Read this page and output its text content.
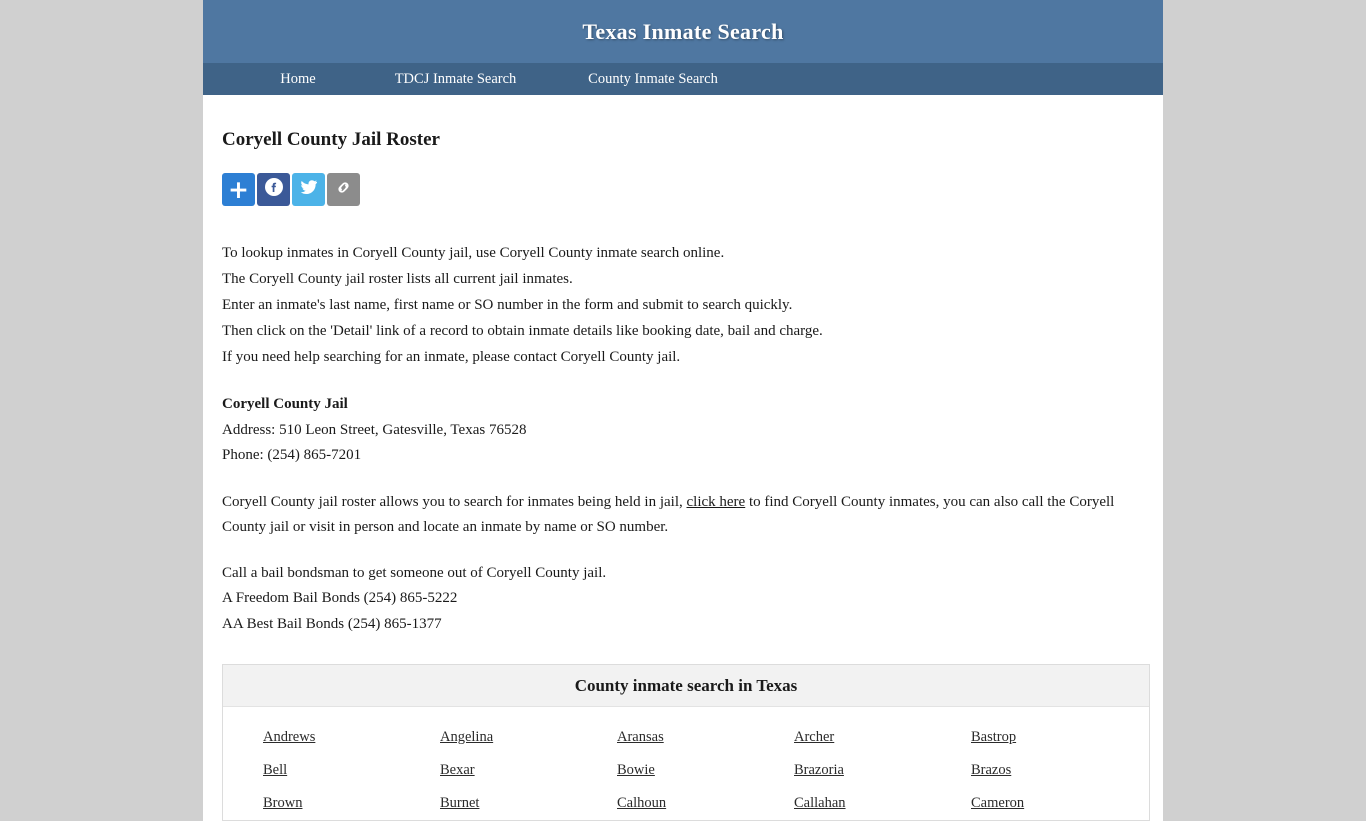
Texas Inmate Search
Home	TDCJ Inmate Search	County Inmate Search
Coryell County Jail Roster
+
To lookup inmates in Coryell County jail, use Coryell County inmate search online.
The Coryell County jail roster lists all current jail inmates.
Enter an inmate's last name, first name or SO number in the form and submit to search quickly.
Then click on the 'Detail' link of a record to obtain inmate details like booking date, bail and charge.
If you need help searching for an inmate, please contact Coryell County jail.
Coryell County Jail
Address: 510 Leon Street, Gatesville, Texas 76528
Phone: (254) 865-7201
Coryell County jail roster allows you to search for inmates being held in jail, click here to find Coryell County inmates, you can also call the Coryell County jail or visit in person and locate an inmate by name or SO number.
Call a bail bondsman to get someone out of Coryell County jail.
A Freedom Bail Bonds (254) 865-5222
AA Best Bail Bonds (254) 865-1377
County inmate search in Texas
Andrews	Angelina	Aransas	Archer	Bastrop
Bell	Bexar	Bowie	Brazoria	Brazos
Brown	Burnet	Calhoun	Callahan	Cameron
